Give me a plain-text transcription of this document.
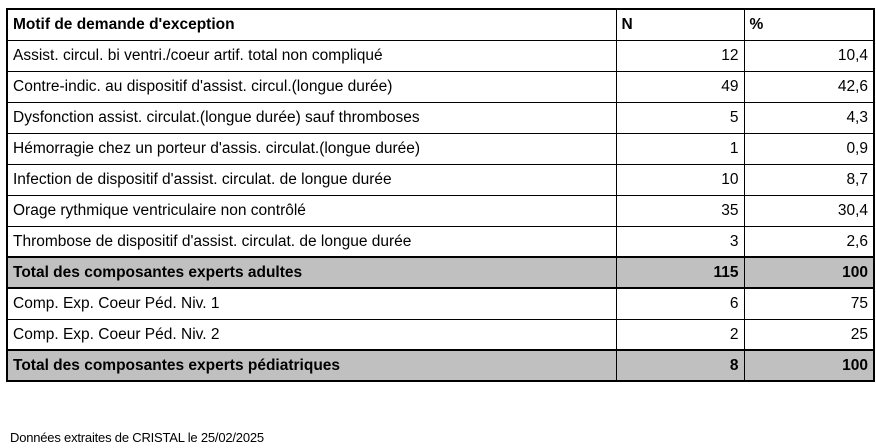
Motif de demande d'exception	N	%
Assist. circul. bi ventri./coeur artif. total non compliqué	12	10,4
Contre-indic. au dispositif d'assist. circul.(longue durée)	49	42,6
Dysfonction assist. circulat.(longue durée) sauf thromboses	5	4,3
Hémorragie chez un porteur d'assis. circulat.(longue durée)	1	0,9
Infection de dispositif d'assist. circulat. de longue durée	10	8,7
Orage rythmique ventriculaire non contrôlé	35	30,4
Thrombose de dispositif d'assist. circulat. de longue durée	3	2,6
Total des composantes experts adultes	115	100
Comp. Exp. Coeur Péd. Niv. 1	6	75
Comp. Exp. Coeur Péd. Niv. 2	2	25
Total des composantes experts pédiatriques	8	100
Données extraites de CRISTAL le 25/02/2025
